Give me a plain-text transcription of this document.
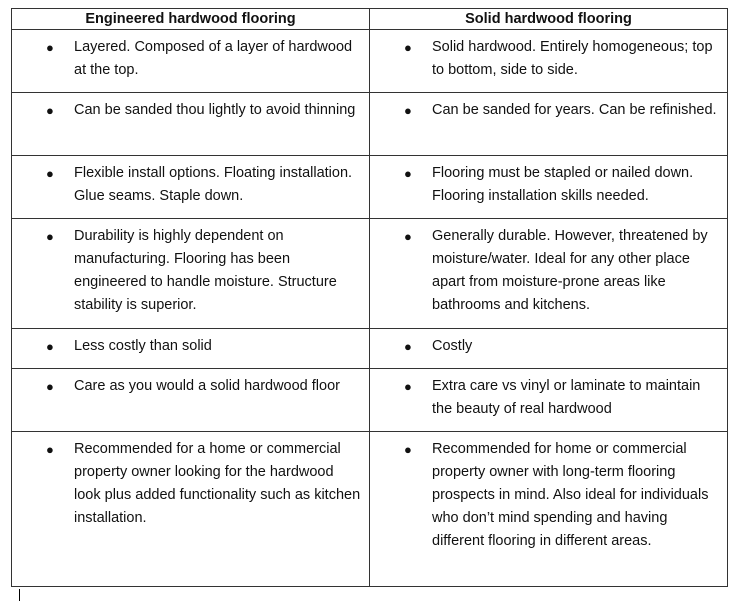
Engineered hardwood flooring	Solid hardwood flooring

● Layered. Composed of a layer of hardwood at the top.	● Solid hardwood. Entirely homogeneous; top to bottom, side to side.

● Can be sanded thou lightly to avoid thinning	● Can be sanded for years. Can be refinished.

● Flexible install options. Floating installation. Glue seams. Staple down.	● Flooring must be stapled or nailed down. Flooring installation skills needed.

● Durability is highly dependent on manufacturing. Flooring has been engineered to handle moisture. Structure stability is superior.	● Generally durable. However, threatened by moisture/water. Ideal for any other place apart from moisture-prone areas like bathrooms and kitchens.

● Less costly than solid	● Costly

● Care as you would a solid hardwood floor	● Extra care vs vinyl or laminate to maintain the beauty of real hardwood

● Recommended for a home or commercial property owner looking for the hardwood look plus added functionality such as kitchen installation.	● Recommended for home or commercial property owner with long-term flooring prospects in mind. Also ideal for individuals who don’t mind spending and having different flooring in different areas.
